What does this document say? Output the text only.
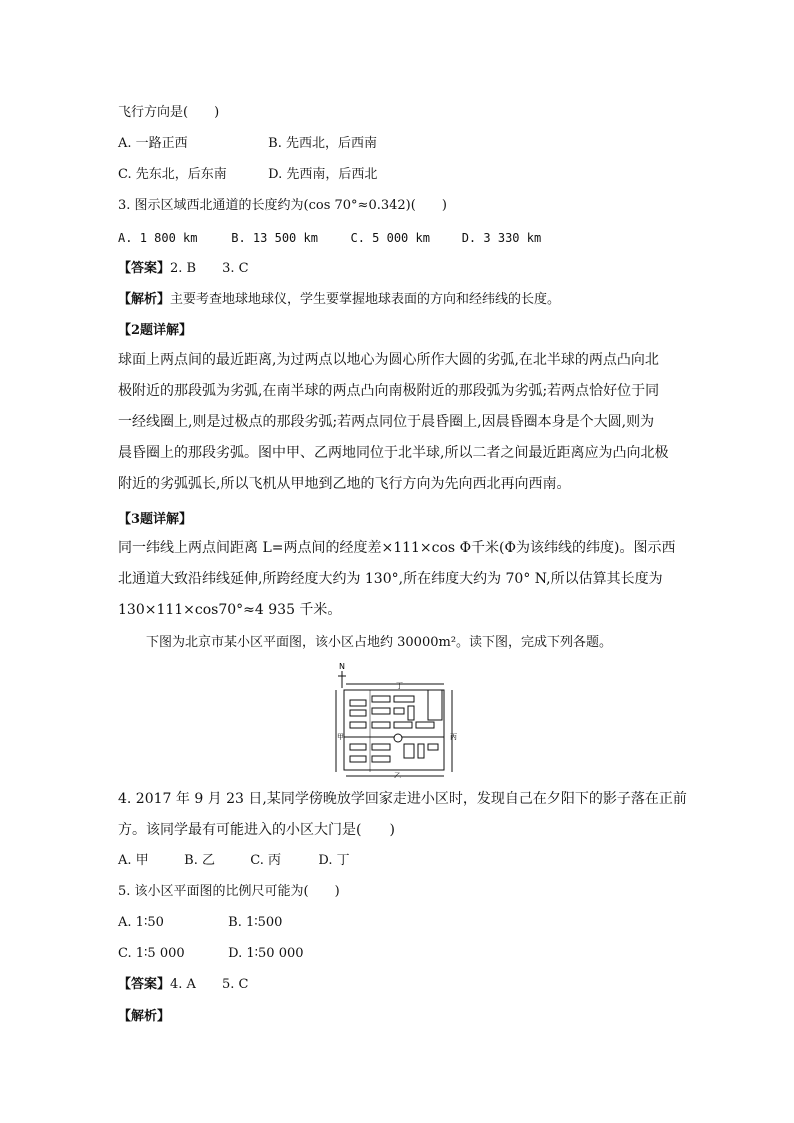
飞行方向是(　　)
A. 一路正西	B. 先西北，后西南
C. 先东北，后东南	D. 先西南，后西北
3. 图示区域西北通道的长度约为(cos 70°≈0.342)(　　)
A. 1 800 km	B. 13 500 km	C. 5 000 km	D. 3 330 km
【答案】2. B　　3. C
【解析】主要考查地球地球仪，学生要掌握地球表面的方向和经纬线的长度。
【2题详解】
球面上两点间的最近距离,为过两点以地心为圆心所作大圆的劣弧,在北半球的两点凸向北
极附近的那段弧为劣弧,在南半球的两点凸向南极附近的那段弧为劣弧;若两点恰好位于同
一经线圈上,则是过极点的那段劣弧;若两点同位于晨昏圈上,因晨昏圈本身是个大圆,则为
晨昏圈上的那段劣弧。图中甲、乙两地同位于北半球,所以二者之间最近距离应为凸向北极
附近的劣弧弧长,所以飞机从甲地到乙地的飞行方向为先向西北再向西南。
【3题详解】
同一纬线上两点间距离 L=两点间的经度差×111×cos Φ千米(Φ为该纬线的纬度)。图示西
北通道大致沿纬线延伸,所跨经度大约为 130°,所在纬度大约为 70° N,所以估算其长度为
130×111×cos70°≈4 935 千米。
下图为北京市某小区平面图，该小区占地约 30000m²。读下图，完成下列各题。
N
甲	丙
乙
丁
4. 2017 年 9 月 23 日,某同学傍晚放学回家走进小区时，发现自己在夕阳下的影子落在正前
方。该同学最有可能进入的小区大门是(　　)
A. 甲	B. 乙	C. 丙	D. 丁
5. 该小区平面图的比例尺可能为(　　)
A. 1∶50	B. 1∶500
C. 1∶5 000	D. 1∶50 000
【答案】4. A　　5. C
【解析】
